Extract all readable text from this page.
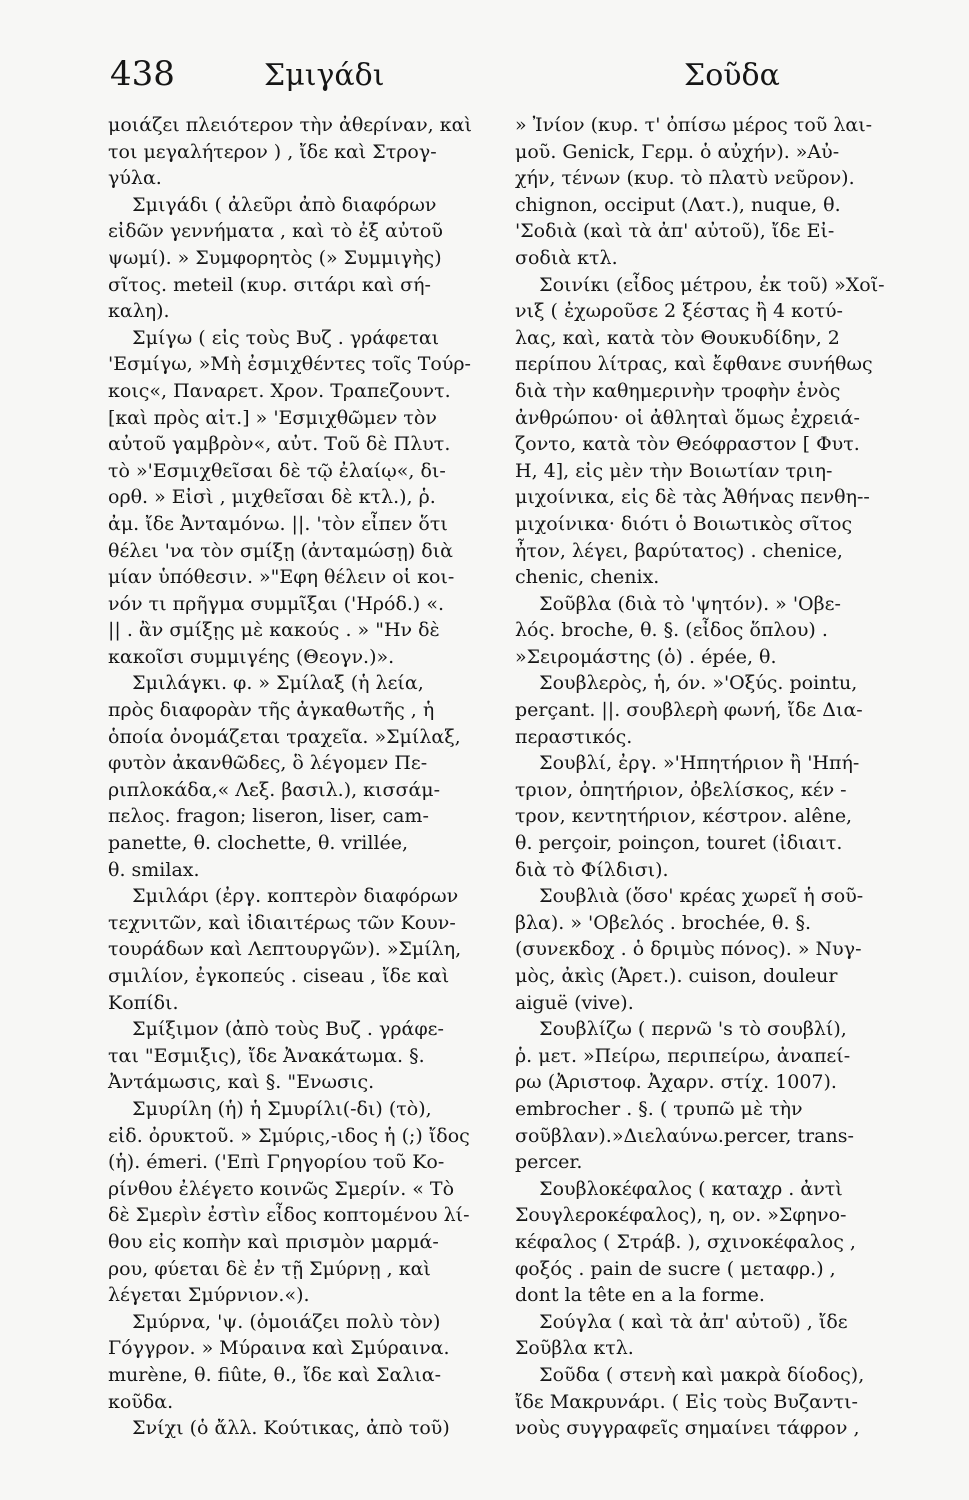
438	Σμιγάδι	Σοῦδα

μοιάζει πλειότερον τὴν ἀθερίναν, καὶ

τοι μεγαλήτερον ) , ἴδε καὶ Στρογ-

γύλα.

Σμιγάδι ( ἀλεῦρι ἀπὸ διαφόρων

εἰδῶν γεννήματα , καὶ τὸ ἐξ αὐτοῦ

ψωμί). » Συμφορητὸς (» Συμμιγὴς)

σῖτος. meteil (κυρ. σιτάρι καὶ σή-

καλη).

Σμίγω ( εἰς τοὺς Βυζ . γράφεται

'Εσμίγω, »Μὴ ἐσμιχθέντες τοῖς Τούρ-

κοις«, Παναρετ. Χρον. Τραπεζουντ.

[καὶ πρὸς αἰτ.] » 'Εσμιχθῶμεν τὸν

αὐτοῦ γαμβρὸν«, αὐτ. Τοῦ δὲ Πλυτ.

τὸ »'Εσμιχθεῖσαι δὲ τῷ ἐλαίῳ«, δι-

ορθ. » Εἰσὶ , μιχθεῖσαι δὲ κτλ.), ῥ.

ἀμ. ἴδε Ἀνταμόνω. ||. 'τὸν εἶπεν ὅτι

θέλει 'να τὸν σμίξῃ (ἀνταμώσῃ) διὰ

μίαν ὑπόθεσιν. »"Εφη θέλειν οἱ κοι-

νόν τι πρῆγμα συμμῖξαι ('Ηρόδ.) «.

|| . ἂν σμίξῃς μὲ κακούς . » "Ην δὲ

κακοῖσι συμμιγέης (Θεογν.)».

Σμιλάγκι. φ. » Σμίλαξ (ἡ λεία,

πρὸς διαφορὰν τῆς ἀγκαθωτῆς , ἡ

ὁποία ὀνομάζεται τραχεῖα. »Σμίλαξ,

φυτὸν ἀκανθῶδες, ὃ λέγομεν Πε-

ριπλοκάδα,« Λεξ. βασιλ.), κισσάμ-

πελος. fragon; liseron, liser, cam-

panette, θ. clochette, θ. vrillée,

θ. smilax.

Σμιλάρι (ἐργ. κοπτερὸν διαφόρων

τεχνιτῶν, καὶ ἰδιαιτέρως τῶν Κουν-

τουράδων καὶ Λεπτουργῶν). »Σμίλη,

σμιλίον, ἐγκοπεύς . ciseau , ἴδε καὶ

Κοπίδι.

Σμίξιμον (ἀπὸ τοὺς Βυζ . γράφε-

ται "Εσμιξις), ἴδε Ἀνακάτωμα. §.

Ἀντάμωσις, καὶ §. "Ενωσις.

Σμυρίλη (ἡ) ἡ Σμυρίλι(-δι) (τὸ),

εἰδ. ὀρυκτοῦ. » Σμύρις,-ιδος ἡ (;) ἴδος

(ἡ). émeri. ('Επὶ Γρηγορίου τοῦ Κο-

ρίνθου ἐλέγετο κοινῶς Σμερίν. « Τὸ

δὲ Σμερὶν ἐστὶν εἶδος κοπτομένου λί-

θου εἰς κοπὴν καὶ πρισμὸν μαρμά-

ρου, φύεται δὲ ἐν τῇ Σμύρνῃ , καὶ

λέγεται Σμύρνιον.«).

Σμύρνα, 'ψ. (ὁμοιάζει πολὺ τὸν)

Γόγγρον. » Μύραινα καὶ Σμύραινα.

murène, θ. fiûte, θ., ἴδε καὶ Σαλια-

κοῦδα.

Σνίχι (ὁ ἄλλ. Κούτικας, ἀπὸ τοῦ)

» Ἰνίον (κυρ. τ' ὀπίσω μέρος τοῦ λαι-

μοῦ. Genick, Γερμ. ὁ αὐχήν). »Αὐ-

χήν, τένων (κυρ. τὸ πλατὺ νεῦρον).

chignon, occiput (Λατ.), nuque, θ.

'Σοδιὰ (καὶ τὰ ἀπ' αὐτοῦ), ἴδε Εἰ-

σοδιὰ κτλ.

Σοινίκι (εἶδος μέτρου, ἐκ τοῦ) »Χοῖ-

νιξ ( ἐχωροῦσε 2 ξέστας ἢ 4 κοτύ-

λας, καὶ, κατὰ τὸν Θουκυδίδην, 2

περίπου λίτρας, καὶ ἔφθανε συνήθως

διὰ τὴν καθημερινὴν τροφὴν ἑνὸς

ἀνθρώπου· οἱ ἀθληταὶ ὅμως ἐχρειά-

ζοντο, κατὰ τὸν Θεόφραστον [ Φυτ.

Η, 4], εἰς μὲν τὴν Βοιωτίαν τριη-

μιχοίνικα, εἰς δὲ τὰς Ἀθήνας πενθη--

μιχοίνικα· διότι ὁ Βοιωτικὸς σῖτος

ἦτον, λέγει, βαρύτατος) . chenice,

chenic, chenix.

Σοῦβλα (διὰ τὸ 'ψητόν). » 'Οβε-

λός. broche, θ. §. (εἶδος ὅπλου) .

»Σειρομάστης (ὁ) . épée, θ.

Σουβλερὸς, ἡ, όν. »'Οξύς. pointu,

perçant. ||. σουβλερὴ φωνή, ἴδε Δια-

περαστικός.

Σουβλί, ἐργ. »'Ηπητήριον ἢ 'Ηπή-

τριον, ὀπητήριον, ὀβελίσκος, κέν -

τρον, κεντητήριον, κέστρον. alêne,

θ. perçoir, poinçon, touret (ἰδιαιτ.

διὰ τὸ Φίλδισι).

Σουβλιὰ (ὅσο' κρέας χωρεῖ ἡ σοῦ-

βλα). » 'Οβελός . brochée, θ. §.

(συνεκδοχ . ὁ δριμὺς πόνος). » Νυγ-

μὸς, ἀκὶς (Ἀρετ.). cuison, douleur

aiguë (vive).

Σουβλίζω ( περνῶ 's τὸ σουβλί),

ῥ. μετ. »Πείρω, περιπείρω, ἀναπεί-

ρω (Ἀριστοφ. Ἀχαρν. στίχ. 1007).

embrocher . §. ( τρυπῶ μὲ τὴν

σοῦβλαν).»Διελαύνω.percer, trans-

percer.

Σουβλοκέφαλος ( καταχρ . ἀντὶ

Σουγλεροκέφαλος), η, ον. »Σφηνο-

κέφαλος ( Στράβ. ), σχινοκέφαλος ,

φοξός . pain de sucre ( μεταφρ.) ,

dont la tête en a la forme.

Σούγλα ( καὶ τὰ ἀπ' αὐτοῦ) , ἴδε

Σοῦβλα κτλ.

Σοῦδα ( στενὴ καὶ μακρὰ δίοδος),

ἴδε Μακρυνάρι. ( Εἰς τοὺς Βυζαντι-

νοὺς συγγραφεῖς σημαίνει τάφρον ,
